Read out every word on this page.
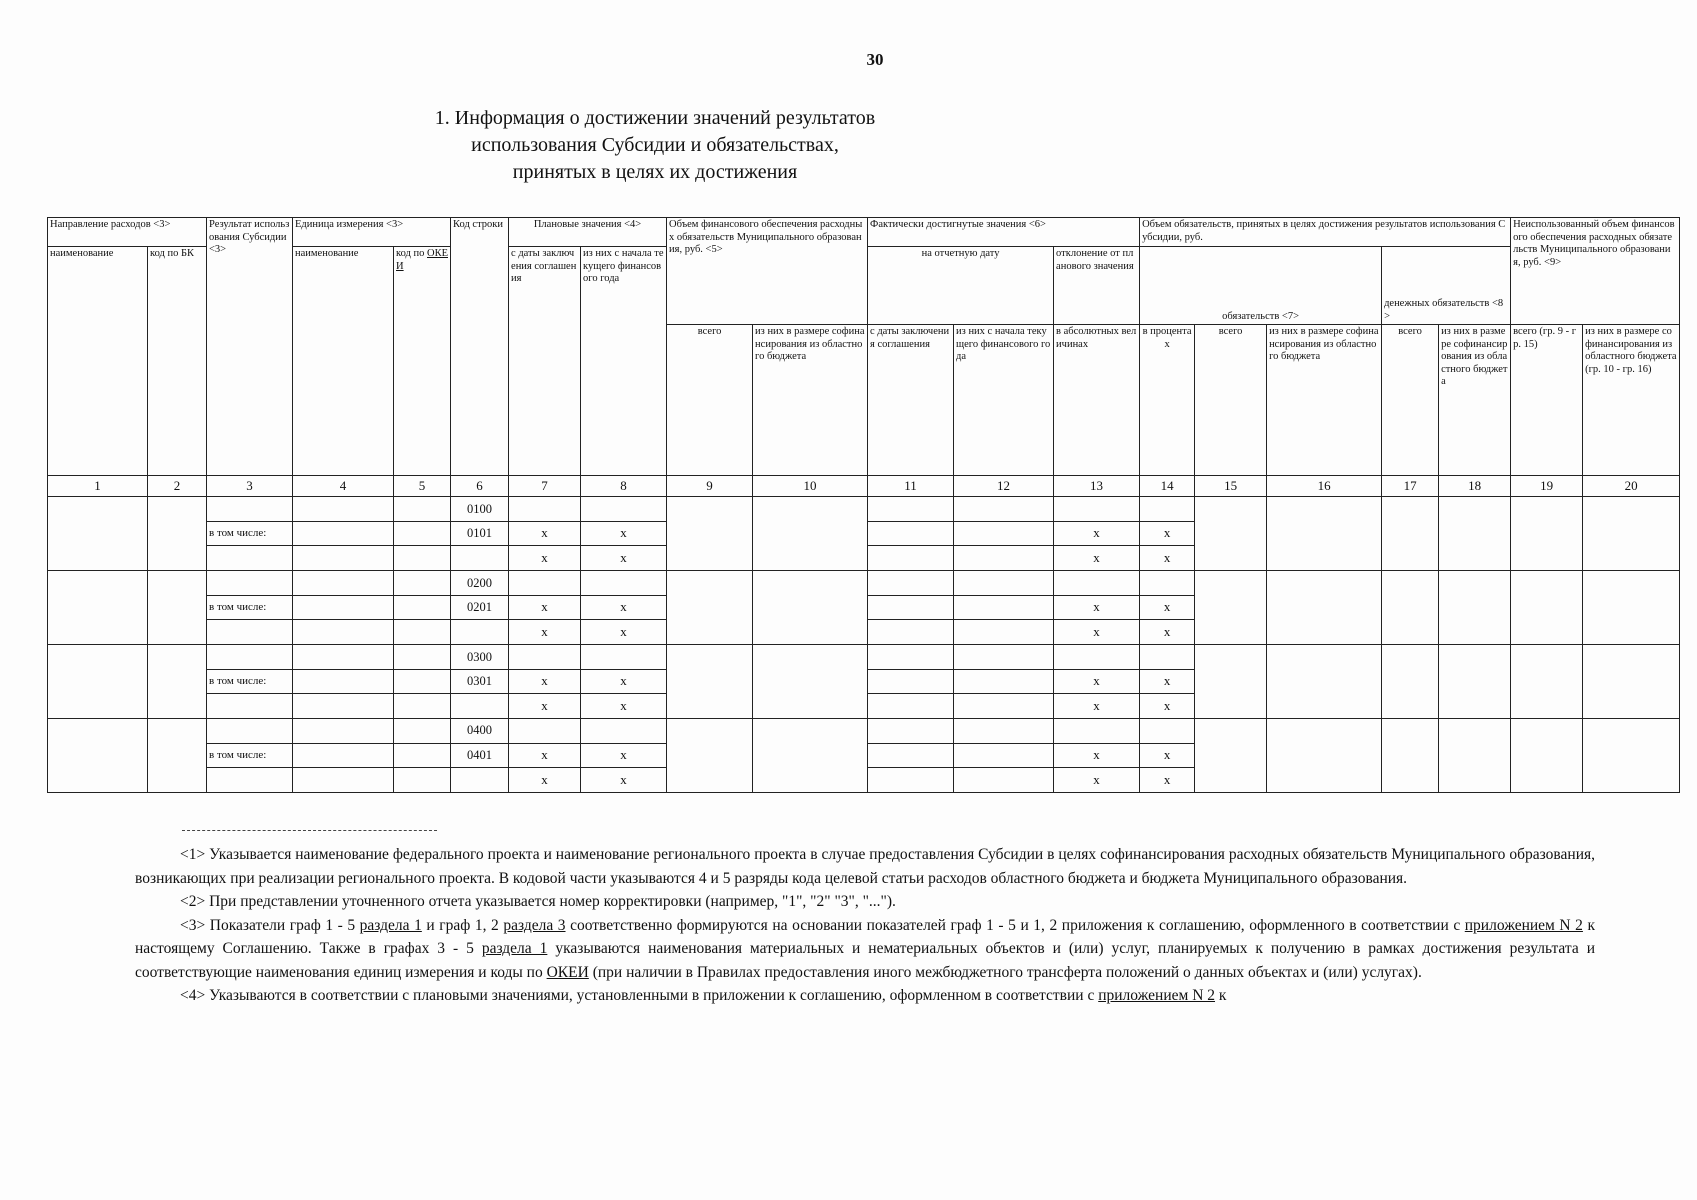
30
1. Информация о достижении значений результатов
использования Субсидии и обязательствах,
принятых в целях их достижения
Направление расходов <3>		Результат использования Субсидии <3>	Единица измерения <3>		Код строки	Плановые значения <4>		Объем финансового обеспечения расходных обязательств Муниципального образования, руб. <5>		Фактически достигнутые значения <6>			Объем обязательств, принятых в целях достижения результатов использования Субсидии, руб.					Неиспользованный объем финансового обеспечения расходных обязательств Муниципального образования, руб. <9>	
наименование	код по БК		наименование	код по ОКЕИ		с даты заключения соглашения	из них с начала текущего финансового года			на отчетную дату		отклонение от планового значения	обязательств <7>			денежных обязательств <8>			
								всего	из них в размере софинансирования из областного бюджета	с даты заключения соглашения	из них с начала текущего финансового года	в абсолютных величинах	в процентах	всего	из них в размере софинансирования из областного бюджета	всего	из них в размере софинансирования из областного бюджета	всего (гр. 9 - гр. 15)	из них в размере софинансирования из областного бюджета (гр. 10 - гр. 16)
1	2	3	4	5	6	7	8	9	10	11	12	13	14	15	16	17	18	19	20
					0100														
		в том числе:			0101	x	x					x	x						
						x	x					x	x						
					0200														
		в том числе:			0201	x	x					x	x						
						x	x					x	x						
					0300														
		в том числе:			0301	x	x					x	x						
						x	x					x	x						
					0400														
		в том числе:			0401	x	x					x	x						
						x	x					x	x						

<1> Указывается наименование федерального проекта и наименование регионального проекта в случае предоставления Субсидии в целях софинансирования расходных обязательств Муниципального образования, возникающих при реализации регионального проекта. В кодовой части указываются 4 и 5 разряды кода целевой статьи расходов областного бюджета и бюджета Муниципального образования.

<2> При представлении уточненного отчета указывается номер корректировки (например, "1", "2" "3", "...").

<3> Показатели граф 1 - 5 раздела 1 и граф 1, 2 раздела 3 соответственно формируются на основании показателей граф 1 - 5 и 1, 2 приложения к соглашению, оформленного в соответствии с приложением N 2 к настоящему Соглашению. Также в графах 3 - 5 раздела 1 указываются наименования материальных и нематериальных объектов и (или) услуг, планируемых к получению в рамках достижения результата и соответствующие наименования единиц измерения и коды по ОКЕИ (при наличии в Правилах предоставления иного межбюджетного трансферта положений о данных объектах и (или) услугах).

<4> Указываются в соответствии с плановыми значениями, установленными в приложении к соглашению, оформленном в соответствии с приложением N 2 к
